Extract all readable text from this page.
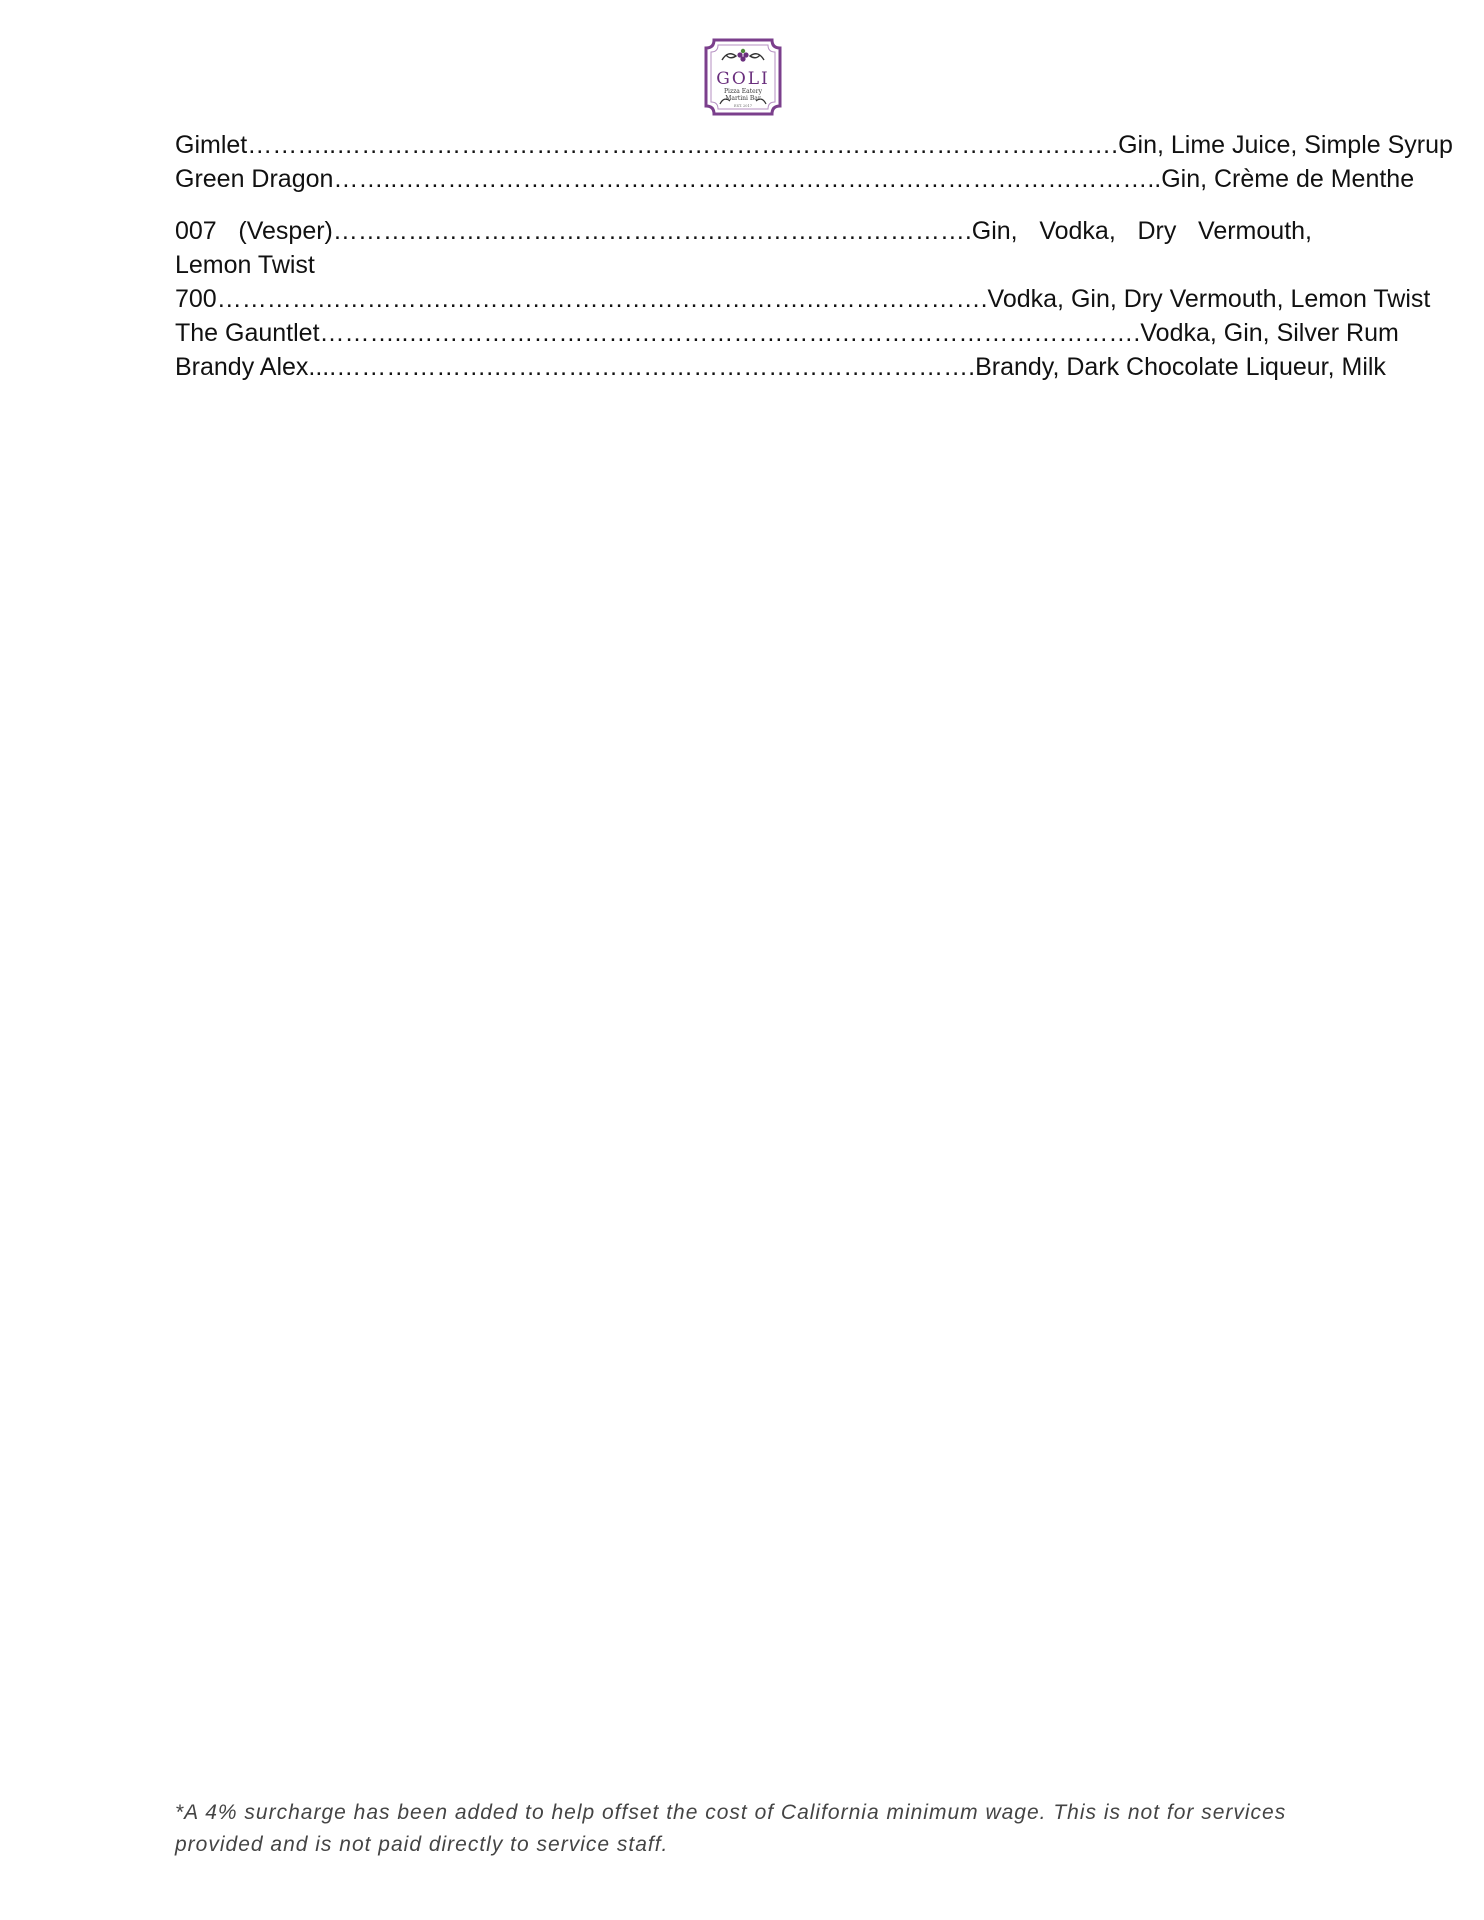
GOLI
Pizza Eatery
Martini Bar
EST. 2017
Gimlet………..………………………………………………………………………………….Gin, Lime Juice, Simple Syrup
Green Dragon……..………………………………………………………………………………..Gin, Crème de Menthe
007 (Vesper)……………………………………….………………………….Gin, Vodka, Dry Vermouth, Lemon Twist
700……………………….…………………………………….………………….Vodka, Gin, Dry Vermouth, Lemon Twist
The Gauntlet………..…………………………………………………………………………….Vodka, Gin, Silver Rum
Brandy Alex....……………….………………………………………………….Brandy, Dark Chocolate Liqueur, Milk
*A 4% surcharge has been added to help offset the cost of California minimum wage. This is not for services provided and is not paid directly to service staff.
